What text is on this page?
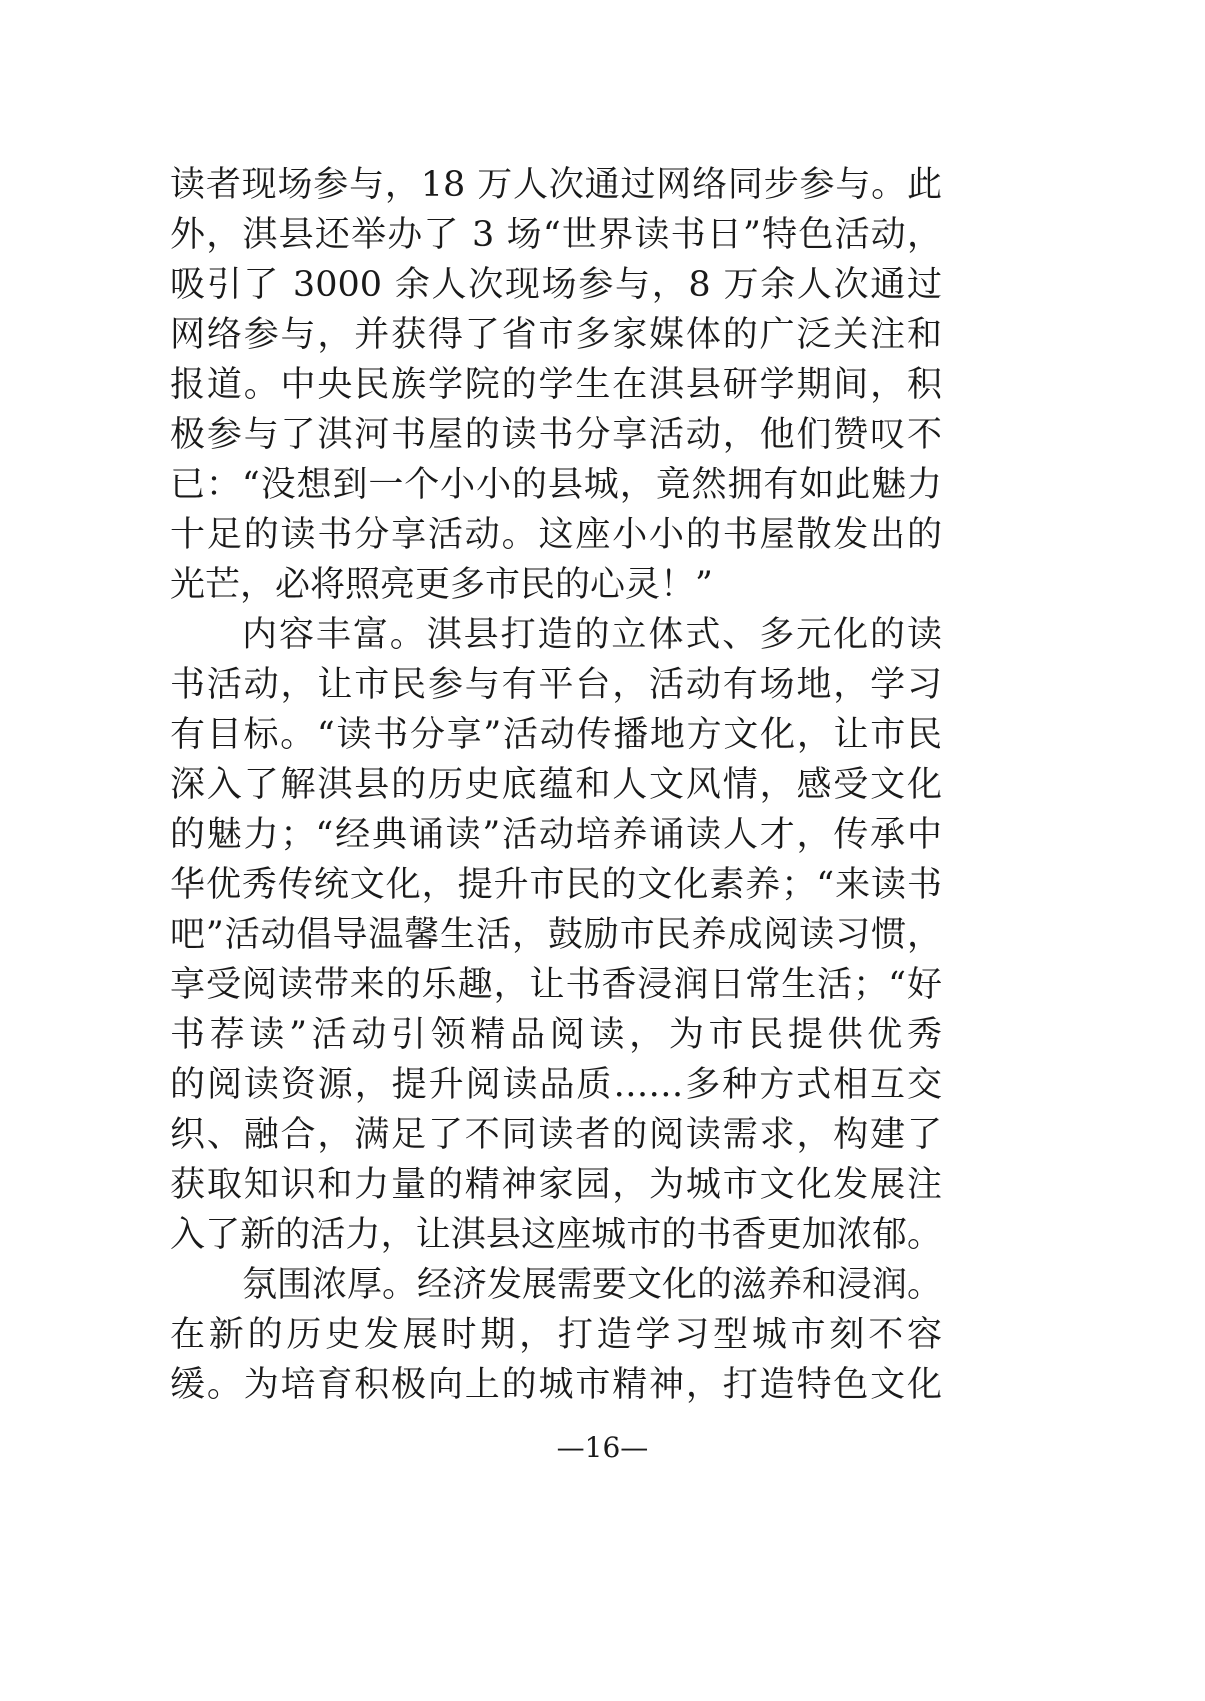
读者现场参与，18 万人次通过网络同步参与。此
外，淇县还举办了 3 场“世界读书日”特色活动，
吸引了 3000 余人次现场参与，8 万余人次通过
网络参与，并获得了省市多家媒体的广泛关注和
报道。中央民族学院的学生在淇县研学期间，积
极参与了淇河书屋的读书分享活动，他们赞叹不
已：“没想到一个小小的县城，竟然拥有如此魅力
十足的读书分享活动。这座小小的书屋散发出的
光芒，必将照亮更多市民的心灵！”
内容丰富。淇县打造的立体式、多元化的读
书活动，让市民参与有平台，活动有场地，学习
有目标。“读书分享”活动传播地方文化，让市民
深入了解淇县的历史底蕴和人文风情，感受文化
的魅力；“经典诵读”活动培养诵读人才，传承中
华优秀传统文化，提升市民的文化素养；“来读书
吧”活动倡导温馨生活，鼓励市民养成阅读习惯，
享受阅读带来的乐趣，让书香浸润日常生活；“好
书荐读”活动引领精品阅读，为市民提供优秀
的阅读资源，提升阅读品质……多种方式相互交
织、融合，满足了不同读者的阅读需求，构建了
获取知识和力量的精神家园，为城市文化发展注
入了新的活力，让淇县这座城市的书香更加浓郁。
氛围浓厚。经济发展需要文化的滋养和浸润。
在新的历史发展时期，打造学习型城市刻不容
缓。为培育积极向上的城市精神，打造特色文化
—16—
